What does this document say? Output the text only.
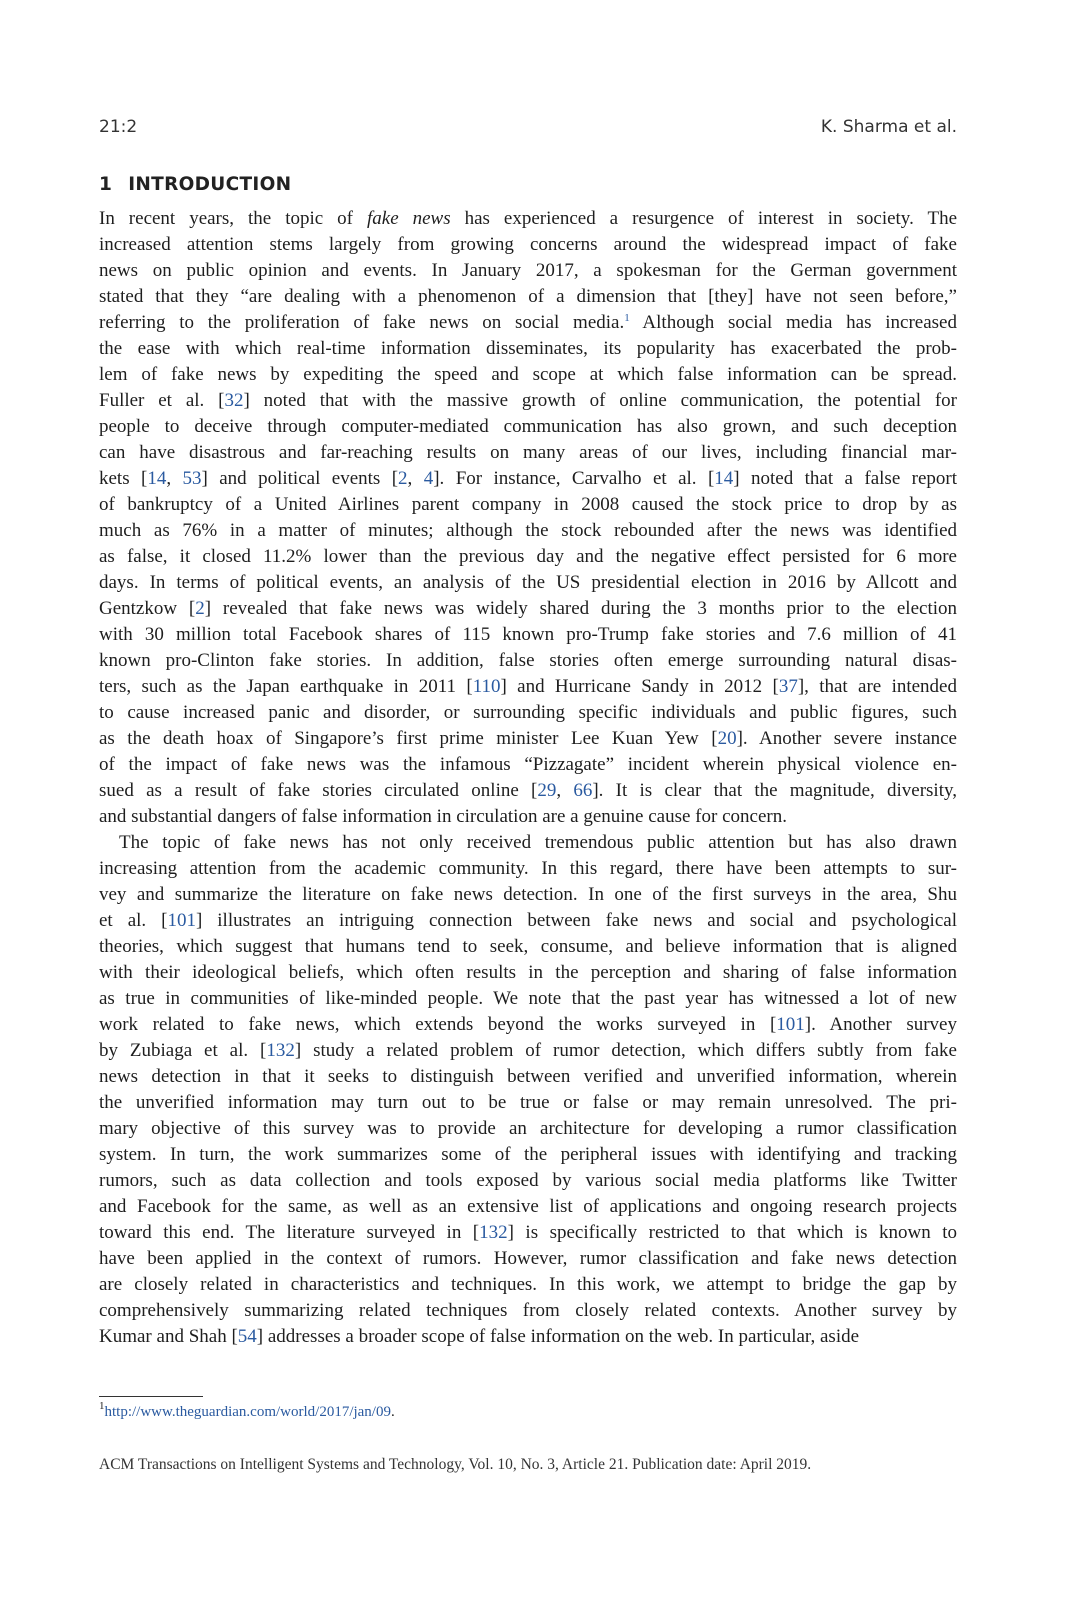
21:2	K. Sharma et al.
1 INTRODUCTION
In recent years, the topic of fake news has experienced a resurgence of interest in society. The
increased attention stems largely from growing concerns around the widespread impact of fake
news on public opinion and events. In January 2017, a spokesman for the German government
stated that they “are dealing with a phenomenon of a dimension that [they] have not seen before,”
referring to the proliferation of fake news on social media.$^1$ Although social media has increased
the ease with which real-time information disseminates, its popularity has exacerbated the prob-
lem of fake news by expediting the speed and scope at which false information can be spread.
Fuller et al. [32] noted that with the massive growth of online communication, the potential for
people to deceive through computer-mediated communication has also grown, and such deception
can have disastrous and far-reaching results on many areas of our lives, including financial mar-
kets [14, 53] and political events [2, 4]. For instance, Carvalho et al. [14] noted that a false report
of bankruptcy of a United Airlines parent company in 2008 caused the stock price to drop by as
much as 76% in a matter of minutes; although the stock rebounded after the news was identified
as false, it closed 11.2% lower than the previous day and the negative effect persisted for 6 more
days. In terms of political events, an analysis of the US presidential election in 2016 by Allcott and
Gentzkow [2] revealed that fake news was widely shared during the 3 months prior to the election
with 30 million total Facebook shares of 115 known pro-Trump fake stories and 7.6 million of 41
known pro-Clinton fake stories. In addition, false stories often emerge surrounding natural disas-
ters, such as the Japan earthquake in 2011 [110] and Hurricane Sandy in 2012 [37], that are intended
to cause increased panic and disorder, or surrounding specific individuals and public figures, such
as the death hoax of Singapore’s first prime minister Lee Kuan Yew [20]. Another severe instance
of the impact of fake news was the infamous “Pizzagate” incident wherein physical violence en-
sued as a result of fake stories circulated online [29, 66]. It is clear that the magnitude, diversity,
and substantial dangers of false information in circulation are a genuine cause for concern.
The topic of fake news has not only received tremendous public attention but has also drawn
increasing attention from the academic community. In this regard, there have been attempts to sur-
vey and summarize the literature on fake news detection. In one of the first surveys in the area, Shu
et al. [101] illustrates an intriguing connection between fake news and social and psychological
theories, which suggest that humans tend to seek, consume, and believe information that is aligned
with their ideological beliefs, which often results in the perception and sharing of false information
as true in communities of like-minded people. We note that the past year has witnessed a lot of new
work related to fake news, which extends beyond the works surveyed in [101]. Another survey
by Zubiaga et al. [132] study a related problem of rumor detection, which differs subtly from fake
news detection in that it seeks to distinguish between verified and unverified information, wherein
the unverified information may turn out to be true or false or may remain unresolved. The pri-
mary objective of this survey was to provide an architecture for developing a rumor classification
system. In turn, the work summarizes some of the peripheral issues with identifying and tracking
rumors, such as data collection and tools exposed by various social media platforms like Twitter
and Facebook for the same, as well as an extensive list of applications and ongoing research projects
toward this end. The literature surveyed in [132] is specifically restricted to that which is known to
have been applied in the context of rumors. However, rumor classification and fake news detection
are closely related in characteristics and techniques. In this work, we attempt to bridge the gap by
comprehensively summarizing related techniques from closely related contexts. Another survey by
Kumar and Shah [54] addresses a broader scope of false information on the web. In particular, aside
$^1$http://www.theguardian.com/world/2017/jan/09.
ACM Transactions on Intelligent Systems and Technology, Vol. 10, No. 3, Article 21. Publication date: April 2019.
